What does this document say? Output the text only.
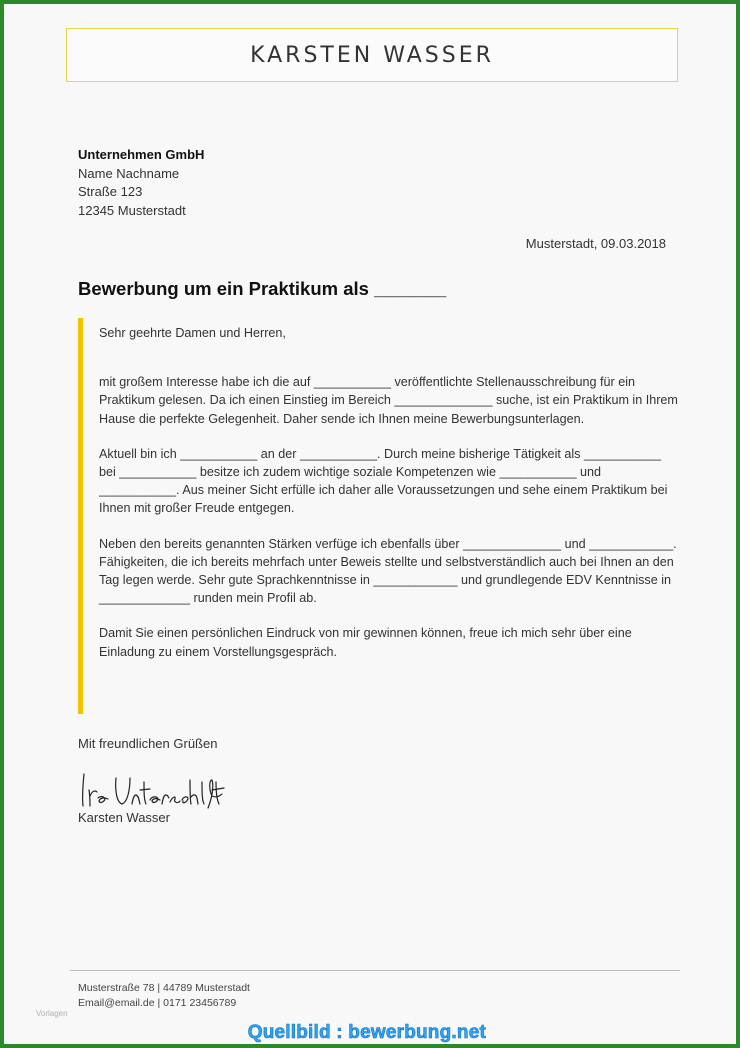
KARSTEN WASSER
Unternehmen GmbH
Name Nachname
Straße 123
12345 Musterstadt
Musterstadt, 09.03.2018
Bewerbung um ein Praktikum als _______

Sehr geehrte Damen und Herren,

mit großem Interesse habe ich die auf ___________ veröffentlichte Stellenausschreibung für ein Praktikum gelesen. Da ich einen Einstieg im Bereich ______________ suche, ist ein Praktikum in Ihrem Hause die perfekte Gelegenheit. Daher sende ich Ihnen meine Bewerbungsunterlagen.

Aktuell bin ich ___________ an der ___________. Durch meine bisherige Tätigkeit als ___________ bei ___________ besitze ich zudem wichtige soziale Kompetenzen wie ___________ und ___________. Aus meiner Sicht erfülle ich daher alle Voraussetzungen und sehe einem Praktikum bei Ihnen mit großer Freude entgegen.

Neben den bereits genannten Stärken verfüge ich ebenfalls über ______________ und ____________. Fähigkeiten, die ich bereits mehrfach unter Beweis stellte und selbstverständlich auch bei Ihnen an den Tag legen werde. Sehr gute Sprachkenntnisse in ____________ und grundlegende EDV Kenntnisse in _____________ runden mein Profil ab.

Damit Sie einen persönlichen Eindruck von mir gewinnen können, freue ich mich sehr über eine Einladung zu einem Vorstellungsgespräch.

Mit freundlichen Grüßen
Karsten Wasser
Musterstraße 78 | 44789 Musterstadt
Email@email.de | 0171 23456789
Vorlagen
Quellbild : bewerbung.net
